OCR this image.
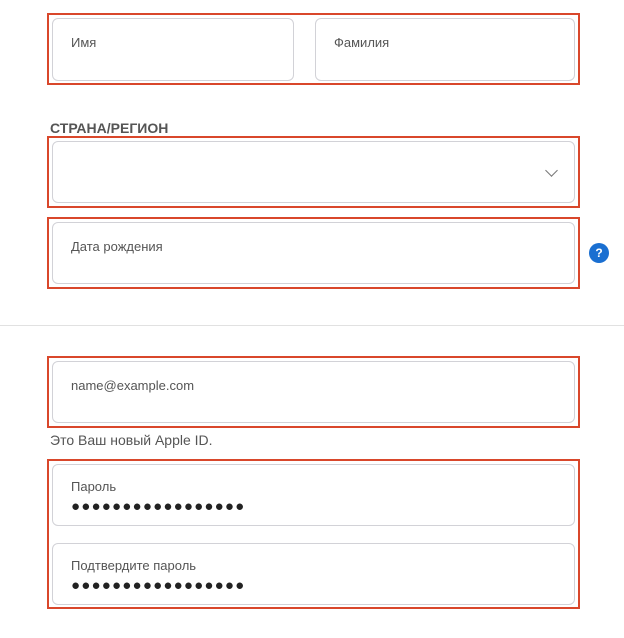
Имя	Фамилия
СТРАНА/РЕГИОН
Дата рождения	?
name@example.com
Это Ваш новый Apple ID.
Пароль
●●●●●●●●●●●●●●●●●
Подтвердите пароль
●●●●●●●●●●●●●●●●●
